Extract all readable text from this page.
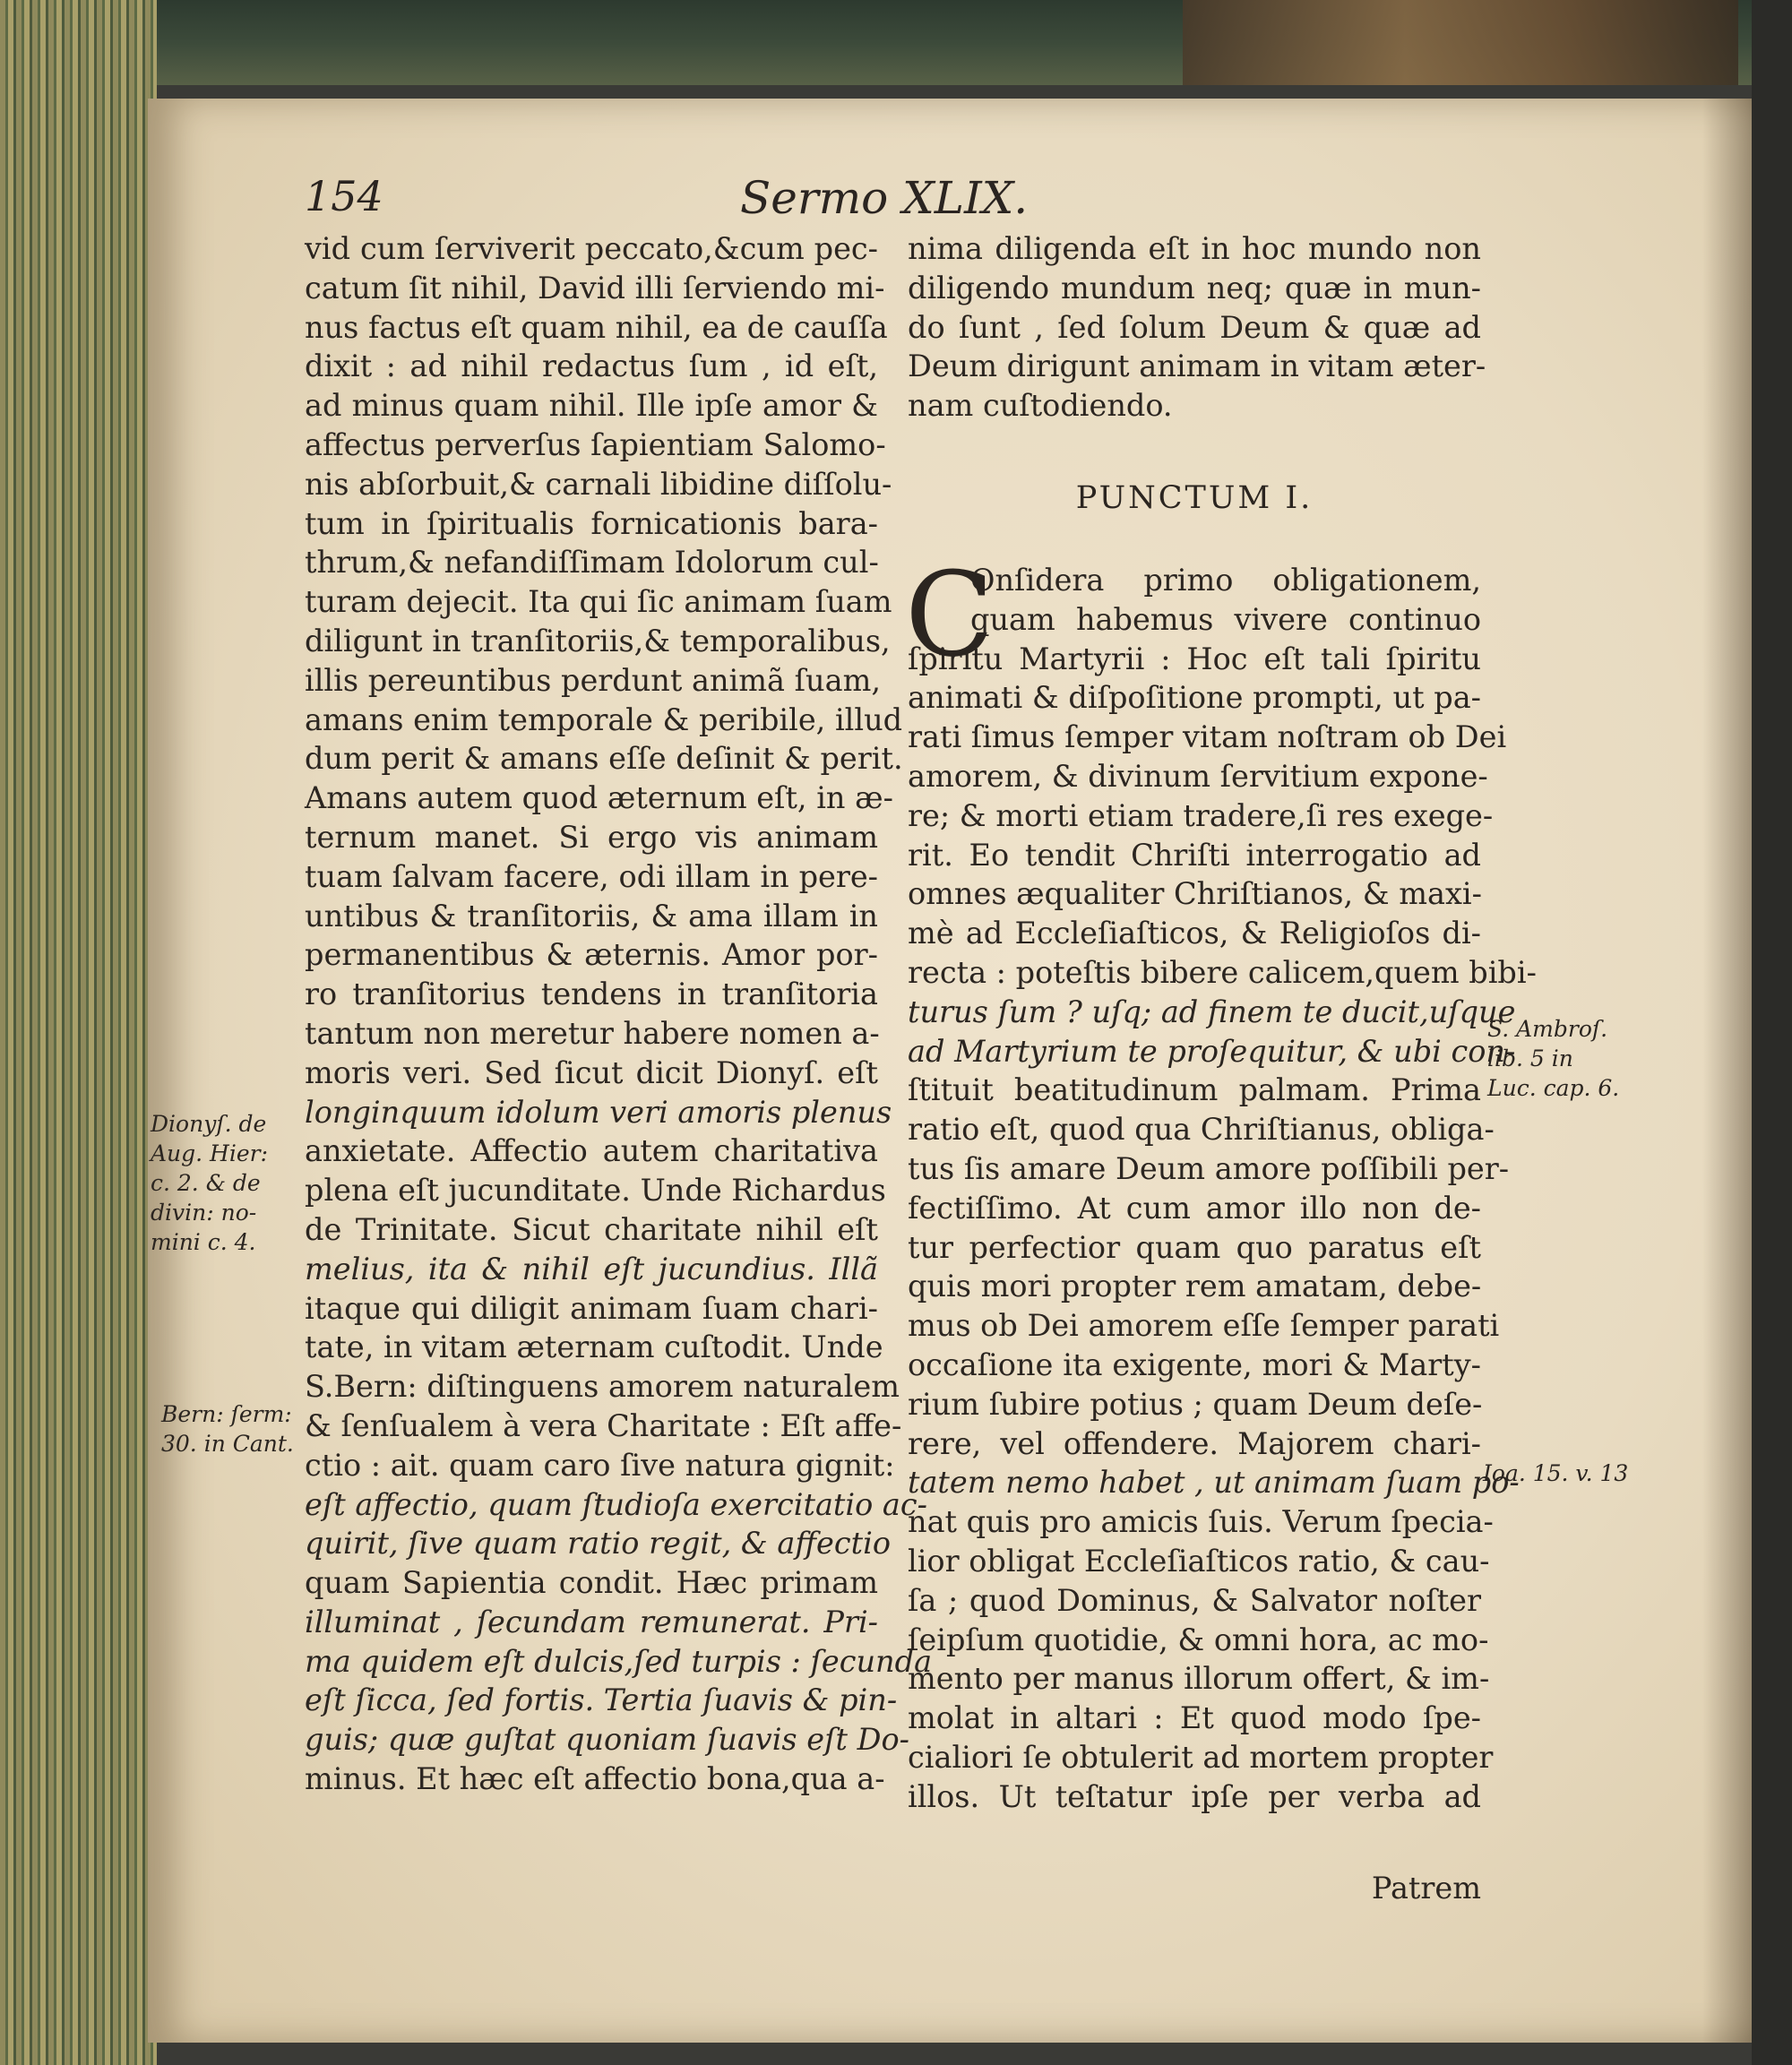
154	Sermo XLIX.
vid cum ſerviverit peccato,&cum pec-
catum ſit nihil, David illi ſerviendo mi-
nus factus eſt quam nihil, ea de cauſſa
dixit : ad nihil redactus ſum , id eſt,
ad minus quam nihil. Ille ipſe amor &
affectus perverſus ſapientiam Salomo-
nis abſorbuit,& carnali libidine diſſolu-
tum in ſpiritualis fornicationis bara-
thrum,& nefandiſſimam Idolorum cul-
turam dejecit. Ita qui ſic animam ſuam
diligunt in tranſitoriis,& temporalibus,
illis pereuntibus perdunt animã ſuam,
amans enim temporale & peribile, illud
dum perit & amans eſſe deſinit & perit.
Amans autem quod æternum eſt, in æ-
ternum manet. Si ergo vis animam
tuam ſalvam facere, odi illam in pere-
untibus & tranſitoriis, & ama illam in
permanentibus & æternis. Amor por-
ro tranſitorius tendens in tranſitoria
tantum non meretur habere nomen a-
moris veri. Sed ſicut dicit Dionyſ. eſt
longinquum idolum veri amoris plenus
anxietate. Affectio autem charitativa
plena eſt jucunditate. Unde Richardus
de Trinitate. Sicut charitate nihil eſt
melius, ita & nihil eſt jucundius. Illã
itaque qui diligit animam ſuam chari-
tate, in vitam æternam cuſtodit. Unde
S.Bern: diſtinguens amorem naturalem
& ſenſualem à vera Charitate : Eſt affe-
ctio : ait. quam caro ſive natura gignit:
eſt affectio, quam ſtudioſa exercitatio ac-
quirit, ſive quam ratio regit, & affectio
quam Sapientia condit. Hæc primam
illuminat , ſecundam remunerat. Pri-
ma quidem eſt dulcis,ſed turpis : ſecunda
eſt ſicca, ſed fortis. Tertia ſuavis & pin-
guis; quæ guſtat quoniam ſuavis eſt Do-
minus. Et hæc eſt affectio bona,qua a-
nima diligenda eſt in hoc mundo non
diligendo mundum neq; quæ in mun-
do ſunt , ſed ſolum Deum & quæ ad
Deum dirigunt animam in vitam æter-
nam cuſtodiendo.
PUNCTUM I.
C
Onſidera primo obligationem,
quam habemus vivere continuo
ſpiritu Martyrii : Hoc eſt tali ſpiritu
animati & diſpoſitione prompti, ut pa-
rati ſimus ſemper vitam noſtram ob Dei
amorem, & divinum ſervitium expone-
re; & morti etiam tradere,ſi res exege-
rit. Eo tendit Chriſti interrogatio ad
omnes æqualiter Chriſtianos, & maxi-
mè ad Eccleſiaſticos, & Religioſos di-
recta : poteſtis bibere calicem,quem bibi-
turus ſum ? uſq; ad finem te ducit,uſque
ad Martyrium te proſequitur, & ubi con-
ſtituit beatitudinum palmam. Prima
ratio eſt, quod qua Chriſtianus, obliga-
tus ſis amare Deum amore poſſibili per-
fectiſſimo. At cum amor illo non de-
tur perfectior quam quo paratus eſt
quis mori propter rem amatam, debe-
mus ob Dei amorem eſſe ſemper parati
occaſione ita exigente, mori & Marty-
rium ſubire potius ; quam Deum deſe-
rere, vel offendere. Majorem chari-
tatem nemo habet , ut animam ſuam po-
nat quis pro amicis ſuis. Verum ſpecia-
lior obligat Eccleſiaſticos ratio, & cau-
ſa ; quod Dominus, & Salvator noſter
ſeipſum quotidie, & omni hora, ac mo-
mento per manus illorum offert, & im-
molat in altari : Et quod modo ſpe-
cialiori ſe obtulerit ad mortem propter
illos. Ut teſtatur ipſe per verba ad
Patrem
Dionyſ. de
Aug. Hier:
c. 2. & de
divin: no-
mini c. 4.
Bern: ſerm:
30. in Cant.
S. Ambroſ.
lib. 5 in
Luc. cap. 6.
Ioa. 15. v. 13
